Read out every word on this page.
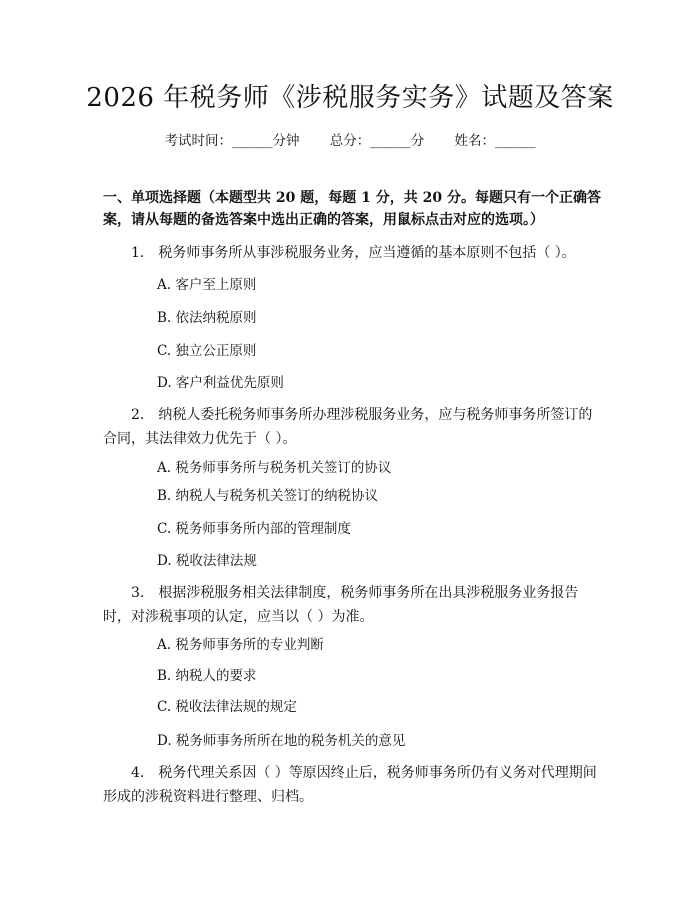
2026 年税务师《涉税服务实务》试题及答案
考试时间：______分钟 总分：______分 姓名：______
一、单项选择题（本题型共 20 题，每题 1 分，共 20 分。每题只有一个正确答案，请从每题的备选答案中选出正确的答案，用鼠标点击对应的选项。）
1.　税务师事务所从事涉税服务业务，应当遵循的基本原则不包括（ ）。
A. 客户至上原则
B. 依法纳税原则
C. 独立公正原则
D. 客户利益优先原则
2.　纳税人委托税务师事务所办理涉税服务业务，应与税务师事务所签订的合同，其法律效力优先于（ ）。
A. 税务师事务所与税务机关签订的协议
B. 纳税人与税务机关签订的纳税协议
C. 税务师事务所内部的管理制度
D. 税收法律法规
3.　根据涉税服务相关法律制度，税务师事务所在出具涉税服务业务报告时，对涉税事项的认定，应当以（ ）为准。
A. 税务师事务所的专业判断
B. 纳税人的要求
C. 税收法律法规的规定
D. 税务师事务所所在地的税务机关的意见
4.　税务代理关系因（ ）等原因终止后，税务师事务所仍有义务对代理期间形成的涉税资料进行整理、归档。
